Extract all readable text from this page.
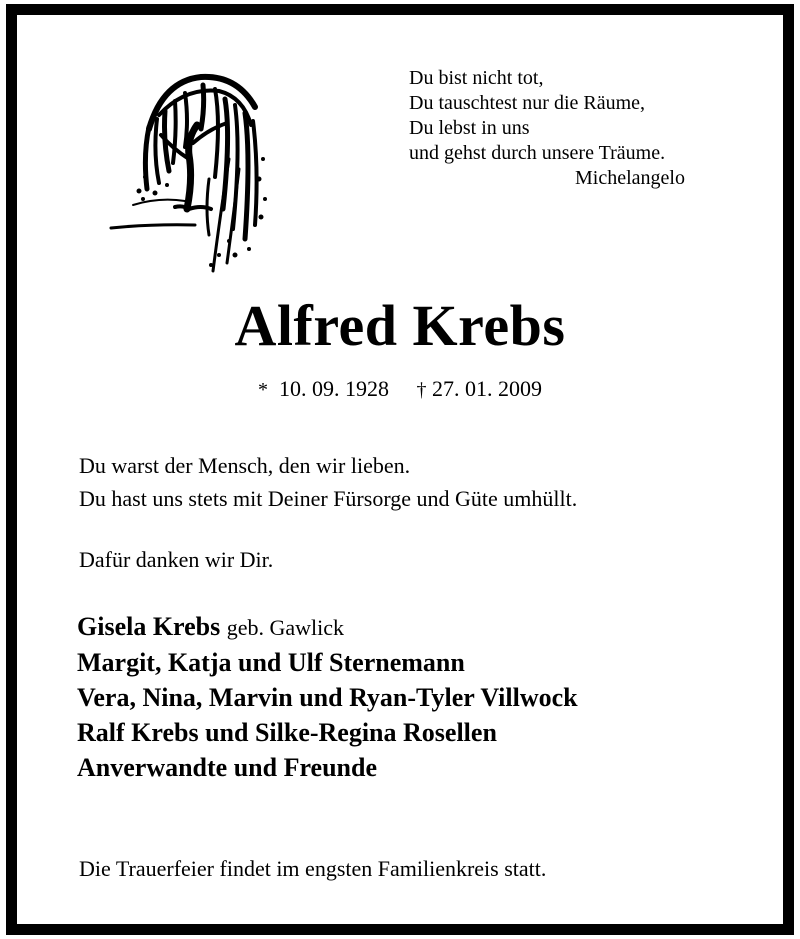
Du bist nicht tot,
Du tauschtest nur die Räume,
Du lebst in uns
und gehst durch unsere Träume.
Michelangelo
Alfred Krebs
* 10. 09. 1928 † 27. 01. 2009
Du warst der Mensch, den wir lieben.
Du hast uns stets mit Deiner Fürsorge und Güte umhüllt.
Dafür danken wir Dir.
Gisela Krebs geb. Gawlick
Margit, Katja und Ulf Sternemann
Vera, Nina, Marvin und Ryan-Tyler Villwock
Ralf Krebs und Silke-Regina Rosellen
Anverwandte und Freunde
Die Trauerfeier findet im engsten Familienkreis statt.
